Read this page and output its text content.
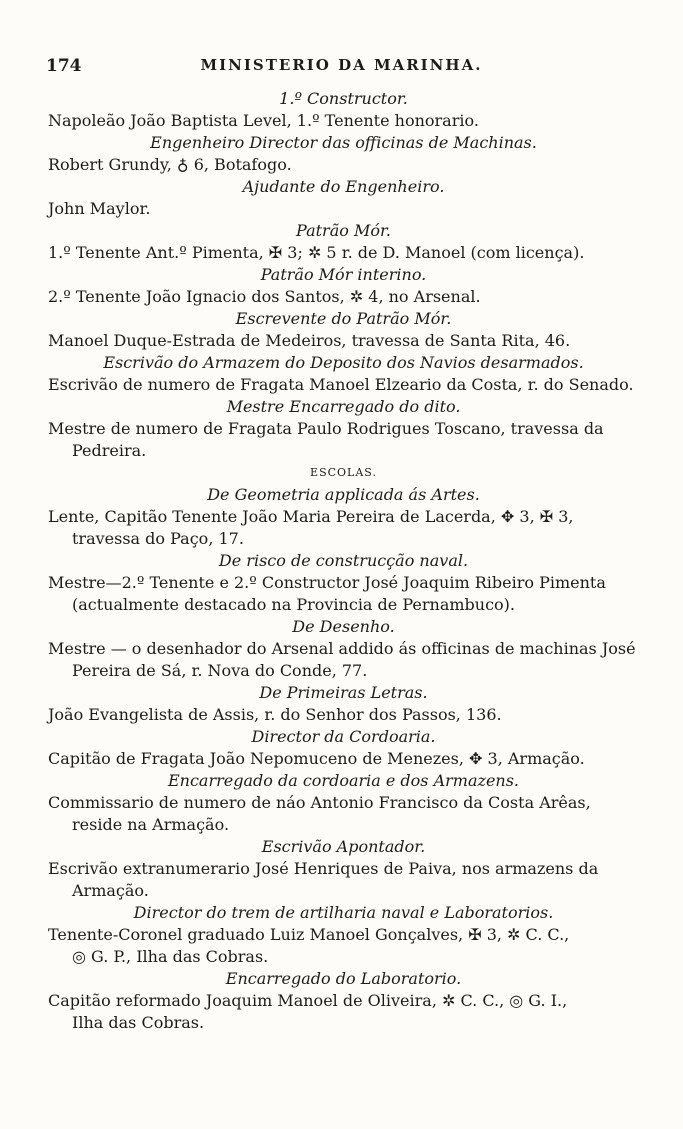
174	MINISTERIO DA MARINHA.
1.º Constructor.
Napoleão João Baptista Level, 1.º Tenente honorario.
Engenheiro Director das officinas de Machinas.
Robert Grundy, ♁ 6, Botafogo.
Ajudante do Engenheiro.
John Maylor.
Patrão Mór.
1.º Tenente Ant.º Pimenta, ✠ 3; ✲ 5 r. de D. Manoel (com licença).
Patrão Mór interino.
2.º Tenente João Ignacio dos Santos, ✲ 4, no Arsenal.
Escrevente do Patrão Mór.
Manoel Duque-Estrada de Medeiros, travessa de Santa Rita, 46.
Escrivão do Armazem do Deposito dos Navios desarmados.
Escrivão de numero de Fragata Manoel Elzeario da Costa, r. do Senado.
Mestre Encarregado do dito.
Mestre de numero de Fragata Paulo Rodrigues Toscano, travessa da
Pedreira.
ESCOLAS.
De Geometria applicada ás Artes.
Lente, Capitão Tenente João Maria Pereira de Lacerda, ✥ 3, ✠ 3,
travessa do Paço, 17.
De risco de construcção naval.
Mestre—2.º Tenente e 2.º Constructor José Joaquim Ribeiro Pimenta
(actualmente destacado na Provincia de Pernambuco).
De Desenho.
Mestre — o desenhador do Arsenal addido ás officinas de machinas José
Pereira de Sá, r. Nova do Conde, 77.
De Primeiras Letras.
João Evangelista de Assis, r. do Senhor dos Passos, 136.
Director da Cordoaria.
Capitão de Fragata João Nepomuceno de Menezes, ✥ 3, Armação.
Encarregado da cordoaria e dos Armazens.
Commissario de numero de náo Antonio Francisco da Costa Arêas,
reside na Armação.
Escrivão Apontador.
Escrivão extranumerario José Henriques de Paiva, nos armazens da
Armação.
Director do trem de artilharia naval e Laboratorios.
Tenente-Coronel graduado Luiz Manoel Gonçalves, ✠ 3, ✲ C. C.,
◎ G. P., Ilha das Cobras.
Encarregado do Laboratorio.
Capitão reformado Joaquim Manoel de Oliveira, ✲ C. C., ◎ G. I.,
Ilha das Cobras.
